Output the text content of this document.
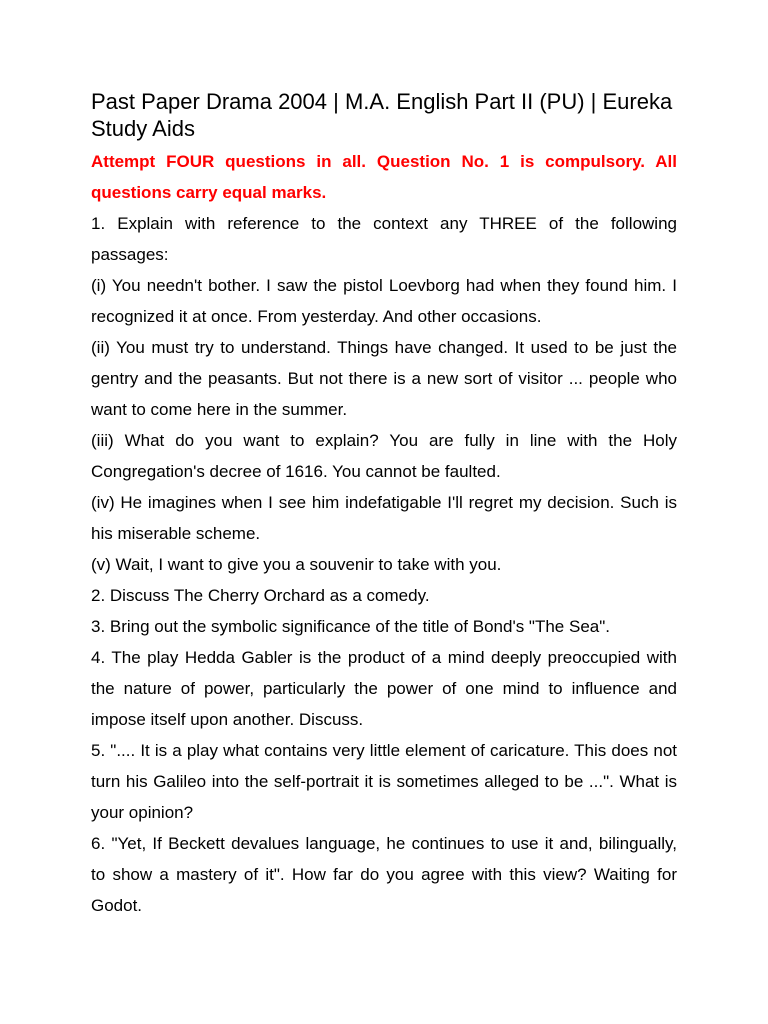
Past Paper Drama 2004 | M.A. English Part II (PU) | Eureka Study Aids

Attempt FOUR questions in all. Question No. 1 is compulsory. All questions carry equal marks.

1. Explain with reference to the context any THREE of the following passages:

(i) You needn't bother. I saw the pistol Loevborg had when they found him. I recognized it at once. From yesterday. And other occasions.

(ii) You must try to understand. Things have changed. It used to be just the gentry and the peasants. But not there is a new sort of visitor ... people who want to come here in the summer.

(iii) What do you want to explain? You are fully in line with the Holy Congregation's decree of 1616. You cannot be faulted.

(iv) He imagines when I see him indefatigable I'll regret my decision. Such is his miserable scheme.

(v) Wait, I want to give you a souvenir to take with you.

2. Discuss The Cherry Orchard as a comedy.

3. Bring out the symbolic significance of the title of Bond's "The Sea".

4. The play Hedda Gabler is the product of a mind deeply preoccupied with the nature of power, particularly the power of one mind to influence and impose itself upon another. Discuss.

5. ".... It is a play what contains very little element of caricature. This does not turn his Galileo into the self-portrait it is sometimes alleged to be ...". What is your opinion?

6. "Yet, If Beckett devalues language, he continues to use it and, bilingually, to show a mastery of it". How far do you agree with this view? Waiting for Godot.
